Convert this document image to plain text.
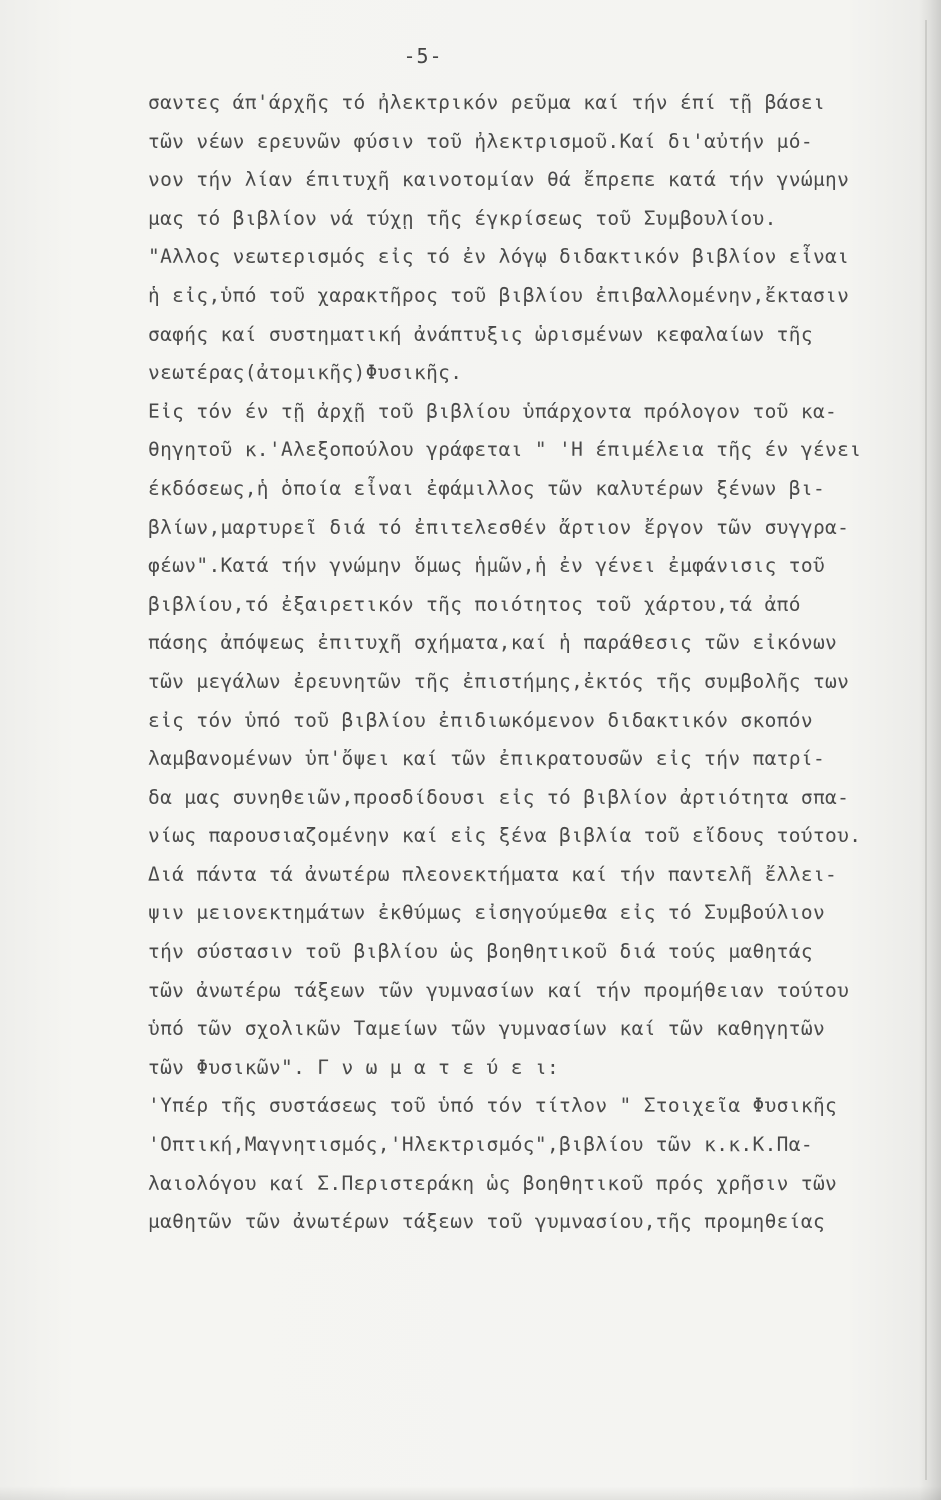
-5-
σαντες άπ'άρχῆς τό ἠλεκτρικόν ρεῦμα καί τήν έπί τῇ βάσει
τῶν νέων ερευνῶν φύσιν τοῦ ἠλεκτρισμοῦ.Καί δι'αὐτήν μό-
νον τήν λίαν έπιτυχῆ καινοτομίαν θά ἔπρεπε κατά τήν γνώμην
μας τό βιβλίον νά τύχῃ τῆς έγκρίσεως τοῦ Συμβουλίου.
"Αλλος νεωτερισμός εἰς τό ἐν λόγῳ διδακτικόν βιβλίον εἶναι
ἡ εἰς,ὑπό τοῦ χαρακτῆρος τοῦ βιβλίου ἐπιβαλλομένην,ἔκτασιν
σαφής καί συστηματική ἀνάπτυξις ὡρισμένων κεφαλαίων τῆς
νεωτέρας(ἀτομικῆς)Φυσικῆς.
Εἰς τόν έν τῇ ἀρχῇ τοῦ βιβλίου ὑπάρχοντα πρόλογον τοῦ κα-
θηγητοῦ κ.'Αλεξοπούλου γράφεται " 'Η έπιμέλεια τῆς έν γένει
έκδόσεως,ἡ ὁποία εἶναι ἐφάμιλλος τῶν καλυτέρων ξένων βι-
βλίων,μαρτυρεῖ διά τό ἐπιτελεσθέν ἄρτιον ἔργον τῶν συγγρα-
φέων".Κατά τήν γνώμην ὅμως ἡμῶν,ἡ ἐν γένει ἐμφάνισις τοῦ
βιβλίου,τό ἐξαιρετικόν τῆς ποιότητος τοῦ χάρτου,τά ἀπό
πάσης ἀπόψεως ἐπιτυχῆ σχήματα,καί ἡ παράθεσις τῶν εἰκόνων
τῶν μεγάλων ἐρευνητῶν τῆς ἐπιστήμης,ἐκτός τῆς συμβολῆς των
εἰς τόν ὑπό τοῦ βιβλίου ἐπιδιωκόμενον διδακτικόν σκοπόν
λαμβανομένων ὑπ'ὄψει καί τῶν ἐπικρατουσῶν εἰς τήν πατρί-
δα μας συνηθειῶν,προσδίδουσι εἰς τό βιβλίον ἀρτιότητα σπα-
νίως παρουσιαζομένην καί εἰς ξένα βιβλία τοῦ εἴδους τούτου.
Διά πάντα τά ἀνωτέρω πλεονεκτήματα καί τήν παντελῆ ἔλλει-
ψιν μειονεκτημάτων ἐκθύμως εἰσηγούμεθα εἰς τό Συμβούλιον
τήν σύστασιν τοῦ βιβλίου ὡς βοηθητικοῦ διά τούς μαθητάς
τῶν ἀνωτέρω τάξεων τῶν γυμνασίων καί τήν προμήθειαν τούτου
ὑπό τῶν σχολικῶν Ταμείων τῶν γυμνασίων καί τῶν καθηγητῶν
τῶν Φυσικῶν". Γ ν ω μ α τ ε ύ ε ι:
'Υπέρ τῆς συστάσεως τοῦ ὑπό τόν τίτλον " Στοιχεῖα Φυσικῆς
'Οπτική,Μαγνητισμός,'Ηλεκτρισμός",βιβλίου τῶν κ.κ.Κ.Πα-
λαιολόγου καί Σ.Περιστεράκη ὡς βοηθητικοῦ πρός χρῆσιν τῶν
μαθητῶν τῶν ἀνωτέρων τάξεων τοῦ γυμνασίου,τῆς προμηθείας
